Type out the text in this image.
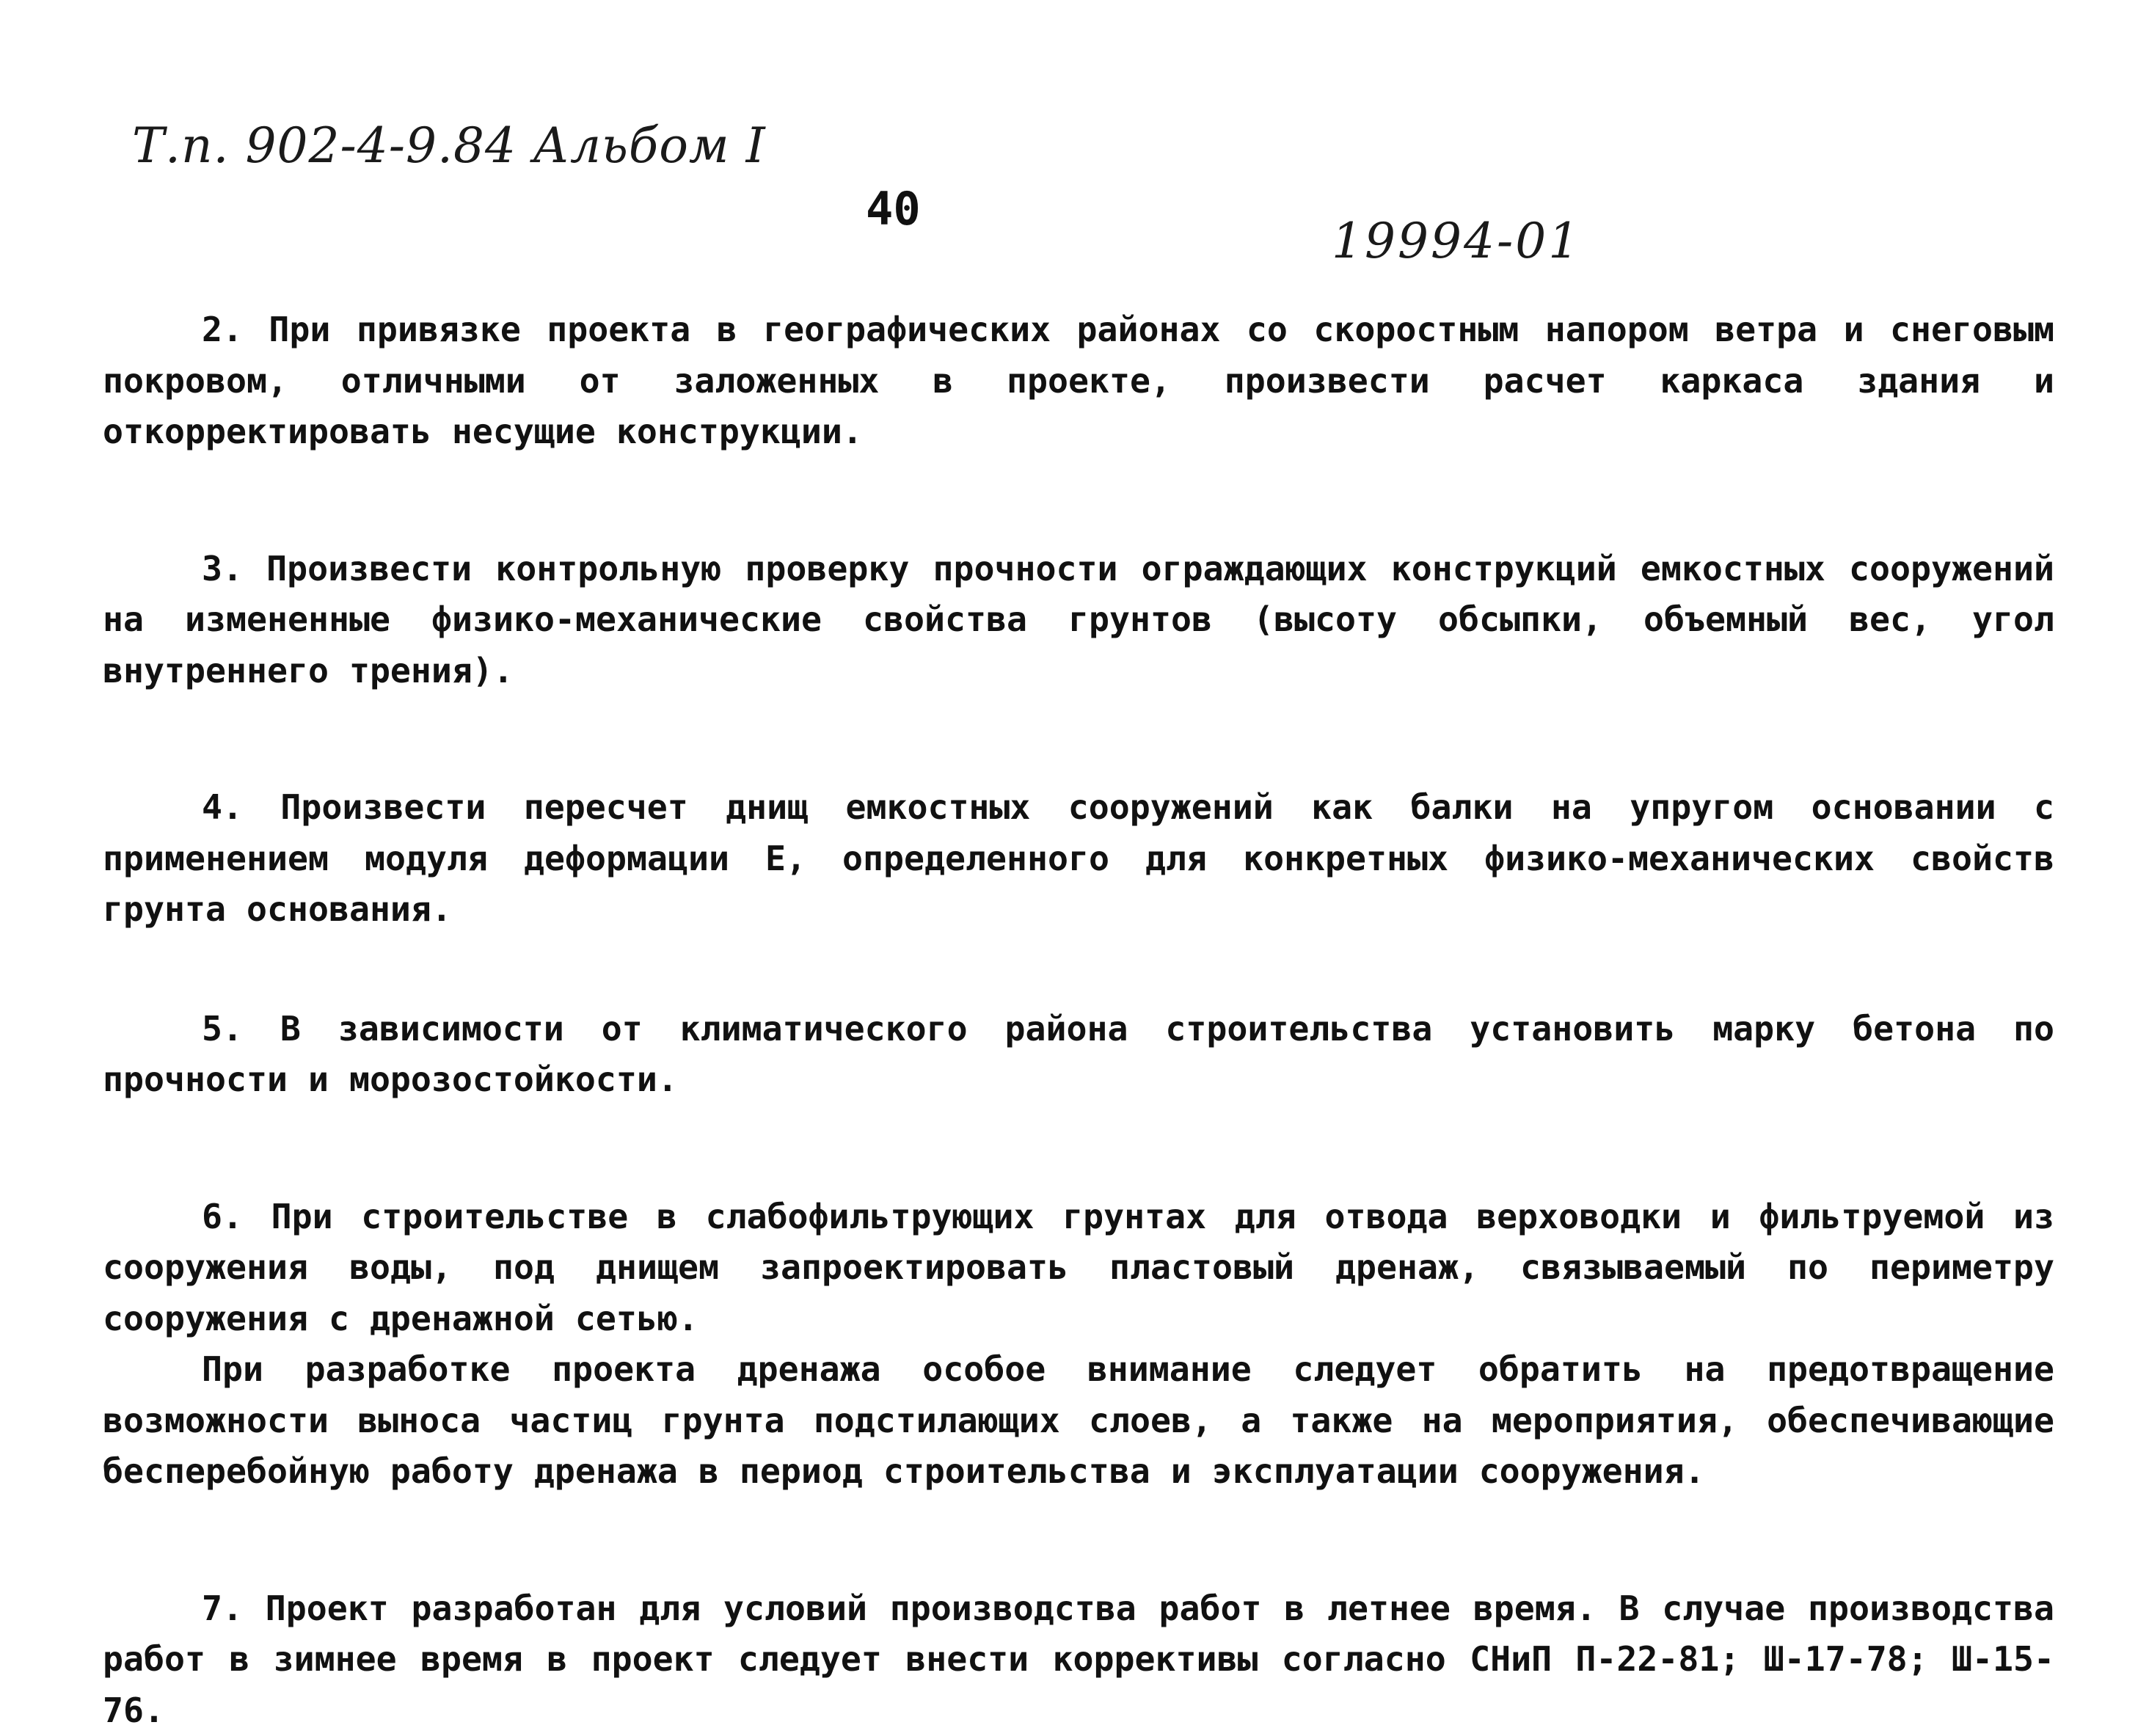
Т.п. 902-4-9.84 Альбом I
40
19994-01

2. При привязке проекта в географических районах со скоростным напором ветра и снеговым покровом, отличными от заложенных в проекте, произвести расчет каркаса здания и откорректировать несущие конструкции.

3. Произвести контрольную проверку прочности ограждающих конструкций емкостных сооружений на измененные физико-механические свойства грунтов (высоту обсыпки, объемный вес, угол внутреннего трения).

4. Произвести пересчет днищ емкостных сооружений как балки на упругом основании с применением модуля деформации Е, определенного для конкретных физико-механических свойств грунта основания.

5. В зависимости от климатического района строительства установить марку бетона по прочности и морозостойкости.

6. При строительстве в слабофильтрующих грунтах для отвода верховодки и фильтруемой из сооружения воды, под днищем запроектировать пластовый дренаж, связываемый по периметру сооружения с дренажной сетью.

При разработке проекта дренажа особое внимание следует обратить на предотвращение возможности выноса частиц грунта подстилающих слоев, а также на мероприятия, обеспечивающие бесперебойную работу дренажа в период строительства и эксплуатации сооружения.

7. Проект разработан для условий производства работ в летнее время. В случае производства работ в зимнее время в проект следует внести коррективы согласно СНиП П-22-81; Ш-17-78; Ш-15-76.
